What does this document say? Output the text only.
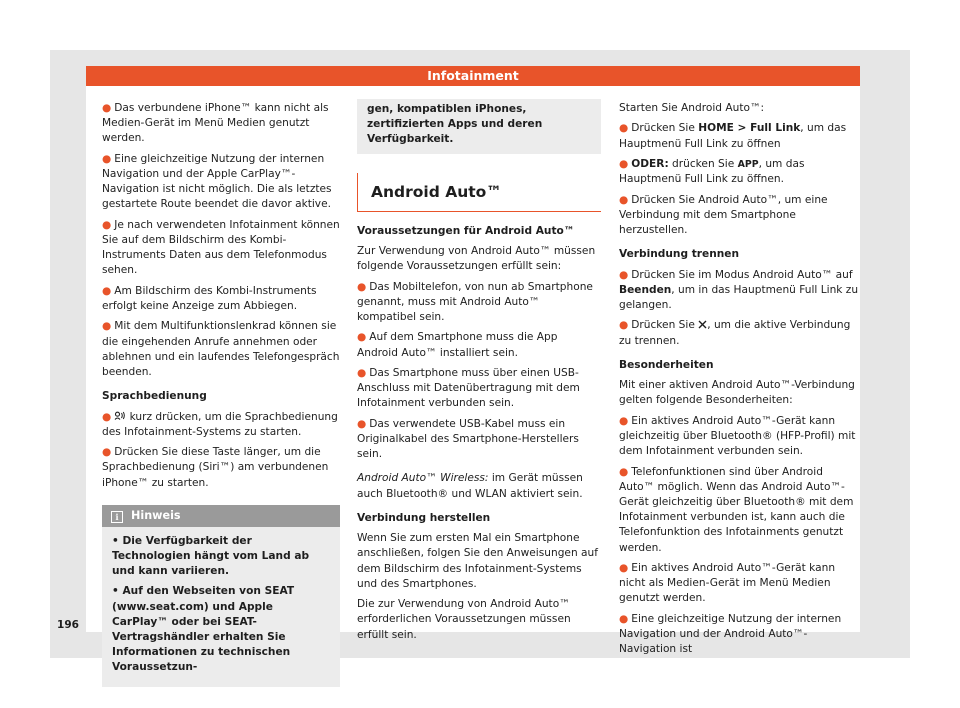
Infotainment

● Das verbundene iPhone™ kann nicht als Medien-Gerät im Menü Medien genutzt werden.

● Eine gleichzeitige Nutzung der internen Navigation und der Apple CarPlay™-Navigation ist nicht möglich. Die als letztes gestartete Route beendet die davor aktive.

● Je nach verwendeten Infotainment können Sie auf dem Bildschirm des Kombi-Instruments Daten aus dem Telefonmodus sehen.

● Am Bildschirm des Kombi-Instruments erfolgt keine Anzeige zum Abbiegen.

● Mit dem Multifunktionslenkrad können sie die eingehenden Anrufe annehmen oder ablehnen und ein laufendes Telefongespräch beenden.

Sprachbedienung

● kurz drücken, um die Sprachbedienung des Infotainment-Systems zu starten.

● Drücken Sie diese Taste länger, um die Sprachbedienung (Siri™) am verbundenen iPhone™ zu starten.

i Hinweis

• Die Verfügbarkeit der Technologien hängt vom Land ab und kann variieren.

• Auf den Webseiten von SEAT (www.seat.com) und Apple CarPlay™ oder bei SEAT-Vertragshändler erhalten Sie Informationen zu technischen Voraussetzun-

gen, kompatiblen iPhones, zertifizierten Apps und deren Verfügbarkeit.
Android Auto™

Voraussetzungen für Android Auto™

Zur Verwendung von Android Auto™ müssen folgende Voraussetzungen erfüllt sein:

● Das Mobiltelefon, von nun ab Smartphone genannt, muss mit Android Auto™ kompatibel sein.

● Auf dem Smartphone muss die App Android Auto™ installiert sein.

● Das Smartphone muss über einen USB-Anschluss mit Datenübertragung mit dem Infotainment verbunden sein.

● Das verwendete USB-Kabel muss ein Originalkabel des Smartphone-Herstellers sein.

Android Auto™ Wireless: im Gerät müssen auch Bluetooth® und WLAN aktiviert sein.

Verbindung herstellen

Wenn Sie zum ersten Mal ein Smartphone anschließen, folgen Sie den Anweisungen auf dem Bildschirm des Infotainment-Systems und des Smartphones.

Die zur Verwendung von Android Auto™ erforderlichen Voraussetzungen müssen erfüllt sein.

Starten Sie Android Auto™:

● Drücken Sie HOME > Full Link, um das Hauptmenü Full Link zu öffnen

● ODER: drücken Sie APP, um das Hauptmenü Full Link zu öffnen.

● Drücken Sie Android Auto™, um eine Verbindung mit dem Smartphone herzustellen.

Verbindung trennen

● Drücken Sie im Modus Android Auto™ auf Beenden, um in das Hauptmenü Full Link zu gelangen.

● Drücken Sie , um die aktive Verbindung zu trennen.

Besonderheiten

Mit einer aktiven Android Auto™-Verbindung gelten folgende Besonderheiten:

● Ein aktives Android Auto™-Gerät kann gleichzeitig über Bluetooth® (HFP-Profil) mit dem Infotainment verbunden sein.

● Telefonfunktionen sind über Android Auto™ möglich. Wenn das Android Auto™-Gerät gleichzeitig über Bluetooth® mit dem Infotainment verbunden ist, kann auch die Telefonfunktion des Infotainments genutzt werden.

● Ein aktives Android Auto™-Gerät kann nicht als Medien-Gerät im Menü Medien genutzt werden.

● Eine gleichzeitige Nutzung der internen Navigation und der Android Auto™-Navigation ist

196
